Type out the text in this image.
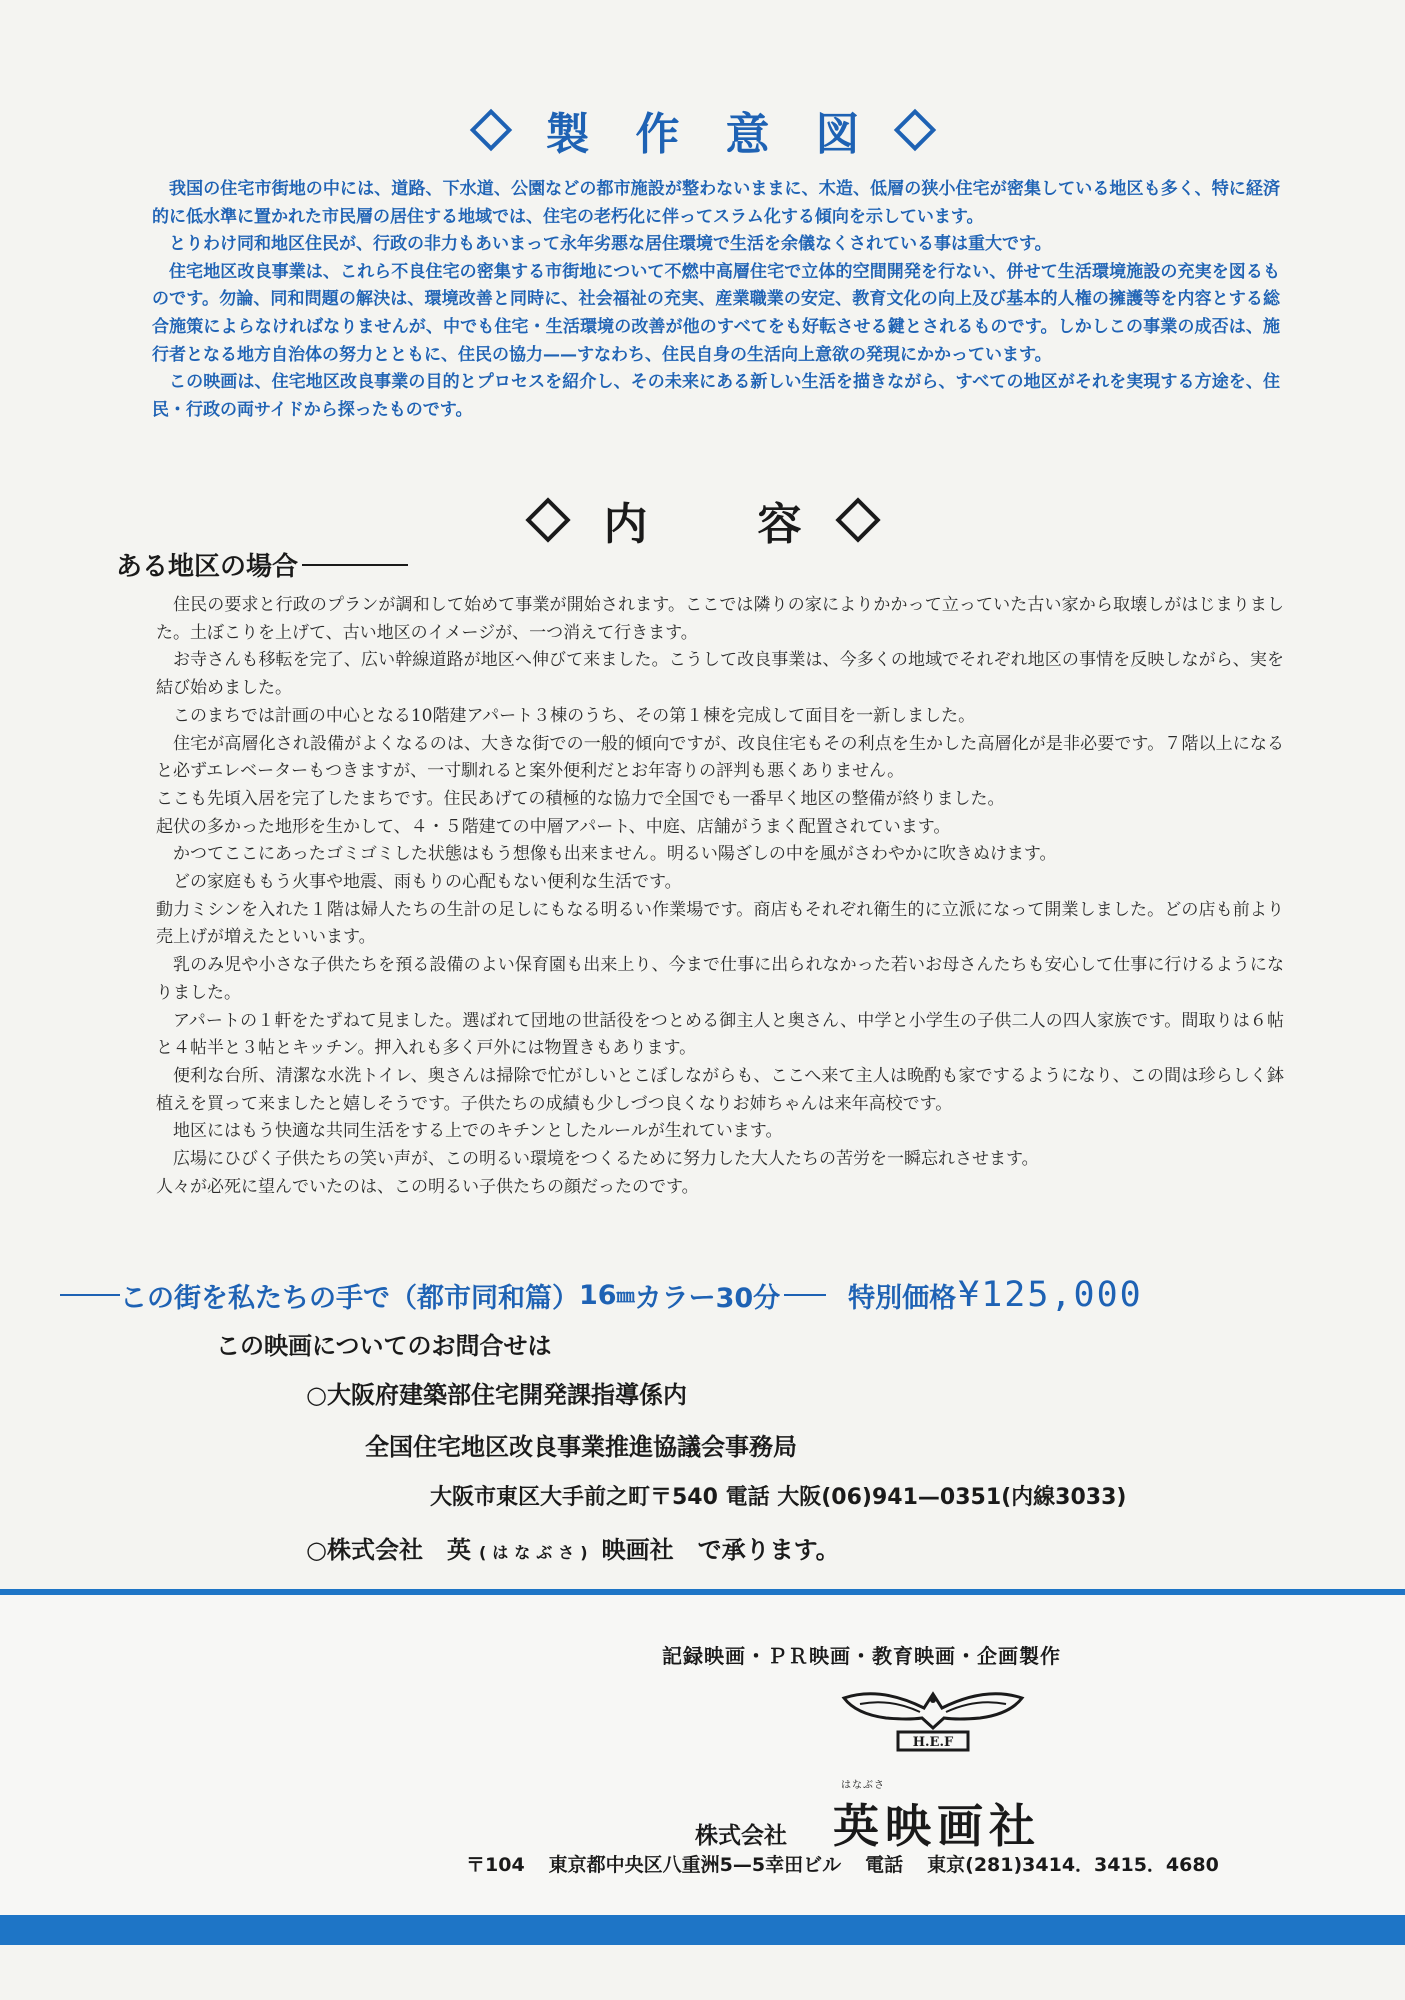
製作意図

我国の住宅市街地の中には、道路、下水道、公園などの都市施設が整わないままに、木造、低層の狭小住宅が密集している地区も多く、特に経済的に低水準に置かれた市民層の居住する地域では、住宅の老朽化に伴ってスラム化する傾向を示しています。

とりわけ同和地区住民が、行政の非力もあいまって永年劣悪な居住環境で生活を余儀なくされている事は重大です。

住宅地区改良事業は、これら不良住宅の密集する市街地について不燃中高層住宅で立体的空間開発を行ない、併せて生活環境施設の充実を図るものです。勿論、同和問題の解決は、環境改善と同時に、社会福祉の充実、産業職業の安定、教育文化の向上及び基本的人権の擁護等を内容とする総合施策によらなければなりませんが、中でも住宅・生活環境の改善が他のすべてをも好転させる鍵とされるものです。しかしこの事業の成否は、施行者となる地方自治体の努力とともに、住民の協力——すなわち、住民自身の生活向上意欲の発現にかかっています。

この映画は、住宅地区改良事業の目的とプロセスを紹介し、その未来にある新しい生活を描きながら、すべての地区がそれを実現する方途を、住民・行政の両サイドから探ったものです。

内容
ある地区の場合

住民の要求と行政のプランが調和して始めて事業が開始されます。ここでは隣りの家によりかかって立っていた古い家から取壊しがはじまりました。土ぼこりを上げて、古い地区のイメージが、一つ消えて行きます。

お寺さんも移転を完了、広い幹線道路が地区へ伸びて来ました。こうして改良事業は、今多くの地域でそれぞれ地区の事情を反映しながら、実を結び始めました。

このまちでは計画の中心となる10階建アパート３棟のうち、その第１棟を完成して面目を一新しました。

住宅が高層化され設備がよくなるのは、大きな街での一般的傾向ですが、改良住宅もその利点を生かした高層化が是非必要です。７階以上になると必ずエレベーターもつきますが、一寸馴れると案外便利だとお年寄りの評判も悪くありません。

ここも先頃入居を完了したまちです。住民あげての積極的な協力で全国でも一番早く地区の整備が終りました。

起伏の多かった地形を生かして、４・５階建ての中層アパート、中庭、店舗がうまく配置されています。

かつてここにあったゴミゴミした状態はもう想像も出来ません。明るい陽ざしの中を風がさわやかに吹きぬけます。

どの家庭ももう火事や地震、雨もりの心配もない便利な生活です。

動力ミシンを入れた１階は婦人たちの生計の足しにもなる明るい作業場です。商店もそれぞれ衛生的に立派になって開業しました。どの店も前より売上げが増えたといいます。

乳のみ児や小さな子供たちを預る設備のよい保育園も出来上り、今まで仕事に出られなかった若いお母さんたちも安心して仕事に行けるようになりました。

アパートの１軒をたずねて見ました。選ばれて団地の世話役をつとめる御主人と奥さん、中学と小学生の子供二人の四人家族です。間取りは６帖と４帖半と３帖とキッチン。押入れも多く戸外には物置きもあります。

便利な台所、清潔な水洗トイレ、奥さんは掃除で忙がしいとこぼしながらも、ここへ来て主人は晩酌も家でするようになり、この間は珍らしく鉢植えを買って来ましたと嬉しそうです。子供たちの成績も少しづつ良くなりお姉ちゃんは来年高校です。

地区にはもう快適な共同生活をする上でのキチンとしたルールが生れています。

広場にひびく子供たちの笑い声が、この明るい環境をつくるために努力した大人たちの苦労を一瞬忘れさせます。

人々が必死に望んでいたのは、この明るい子供たちの顔だったのです。

この街を私たちの手で （都市同和篇） 16 ㎜ カラー30分	特別価格 ¥125,000
この映画についてのお問合せは
○大阪府建築部住宅開発課指導係内
全国住宅地区改良事業推進協議会事務局
大阪市東区大手前之町〒540 電話 大阪(06)941—0351(内線3033)
○株式会社　英 (はなぶさ) 映画社　で承ります。
記録映画・ＰＲ映画・教育映画・企画製作
H.E.F
株式会社
はなぶさ
英映画社
〒104 東京都中央区八重洲5—5幸田ビル 電話 東京(281)3414．3415．4680
